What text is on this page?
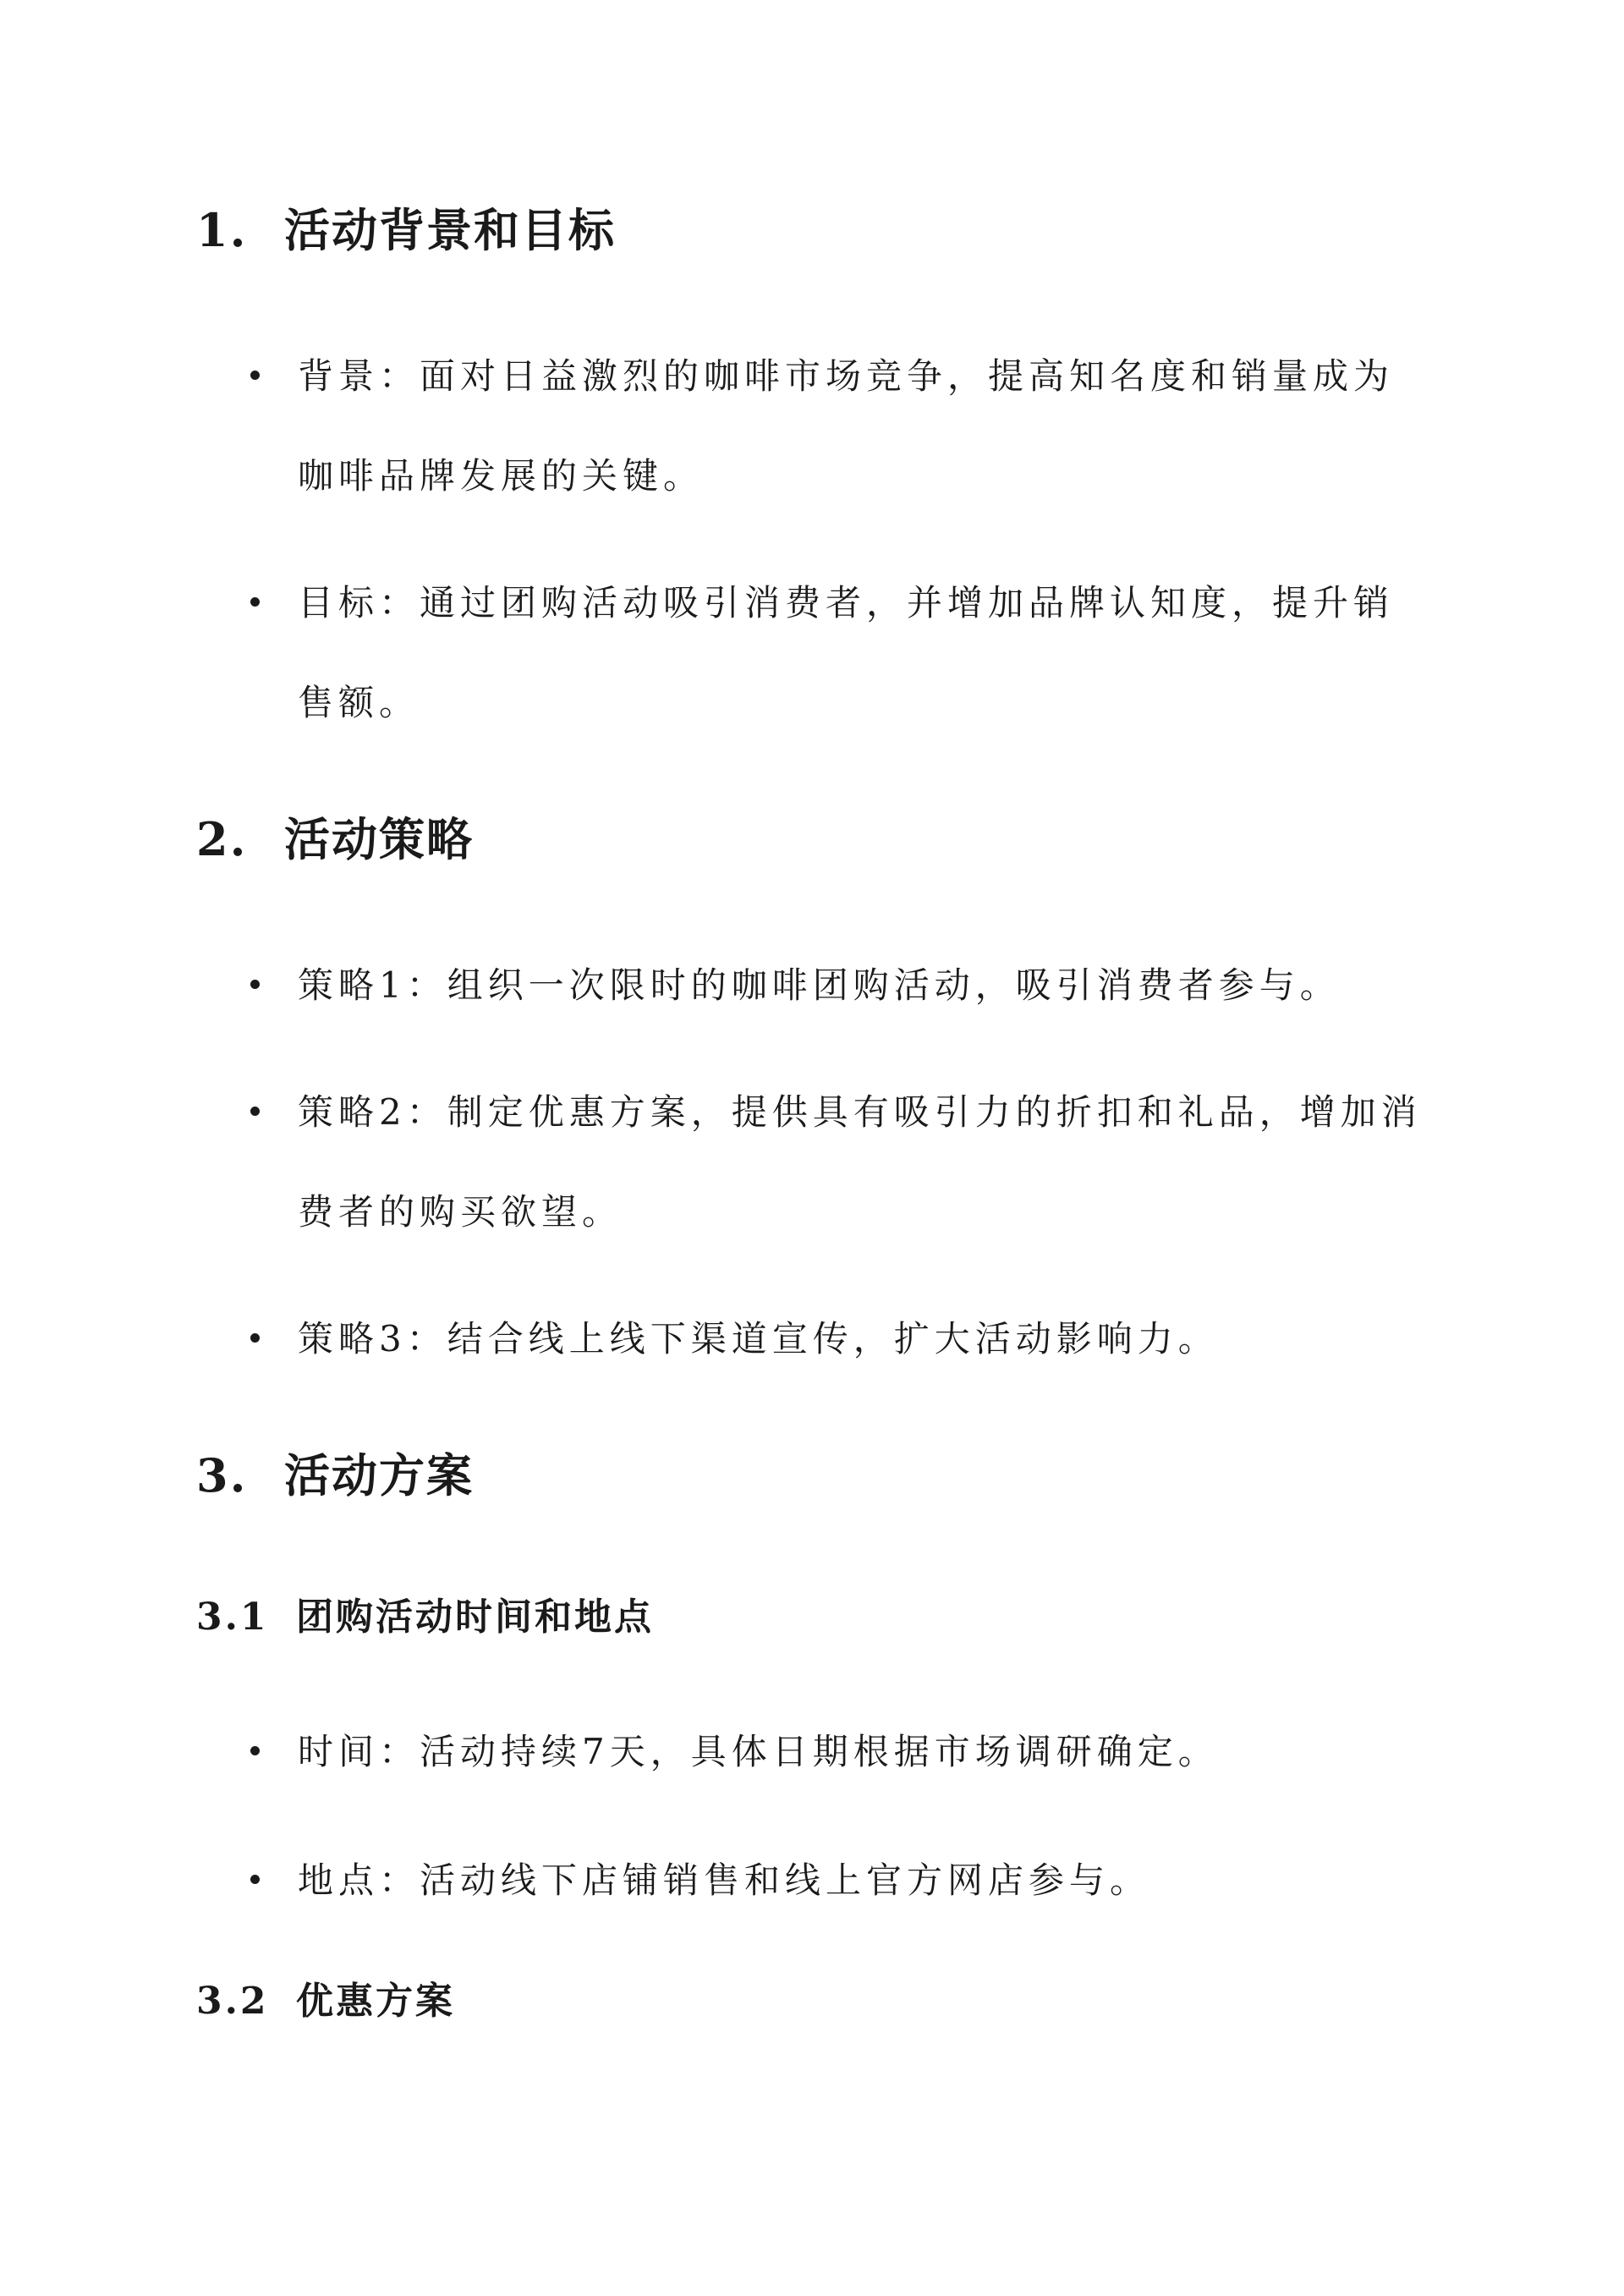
1. 活动背景和目标
背景：面对日益激烈的咖啡市场竞争，提高知名度和销量成为咖啡品牌发展的关键。
目标：通过团购活动吸引消费者，并增加品牌认知度，提升销售额。
2. 活动策略
策略1：组织一次限时的咖啡团购活动，吸引消费者参与。
策略2：制定优惠方案，提供具有吸引力的折扣和礼品，增加消费者的购买欲望。
策略3：结合线上线下渠道宣传，扩大活动影响力。
3. 活动方案
3.1 团购活动时间和地点
时间：活动持续7天，具体日期根据市场调研确定。
地点：活动线下店铺销售和线上官方网店参与。
3.2 优惠方案
